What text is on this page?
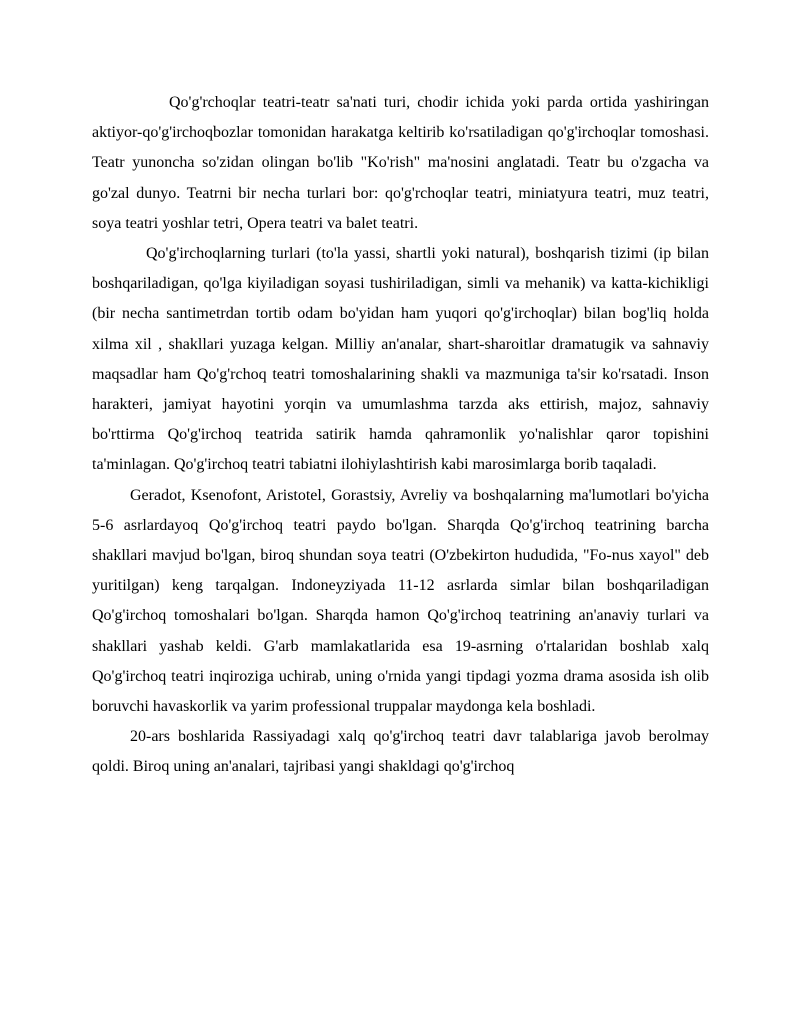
Qo'g'rchoqlar teatri-teatr sa'nati turi, chodir ichida yoki parda ortida yashiringan aktiyor-qo'g'irchoqbozlar tomonidan harakatga keltirib ko'rsatiladigan qo'g'irchoqlar tomoshasi. Teatr yunoncha so'zidan olingan bo'lib "Ko'rish" ma'nosini anglatadi. Teatr bu o'zgacha va go'zal dunyo. Teatrni bir necha turlari bor: qo'g'rchoqlar teatri, miniatyura teatri, muz teatri, soya teatri yoshlar tetri, Opera teatri va balet teatri.

Qo'g'irchoqlarning turlari (to'la yassi, shartli yoki natural), boshqarish tizimi (ip bilan boshqariladigan, qo'lga kiyiladigan soyasi tushiriladigan, simli va mehanik) va katta-kichikligi (bir necha santimetrdan tortib odam bo'yidan ham yuqori qo'g'irchoqlar) bilan bog'liq holda xilma xil , shakllari yuzaga kelgan. Milliy an'analar, shart-sharoitlar dramatugik va sahnaviy maqsadlar ham Qo'g'rchoq teatri tomoshalarining shakli va mazmuniga ta'sir ko'rsatadi. Inson harakteri, jamiyat hayotini yorqin va umumlashma tarzda aks ettirish, majoz, sahnaviy bo'rttirma Qo'g'irchoq teatrida satirik hamda qahramonlik yo'nalishlar qaror topishini ta'minlagan. Qo'g'irchoq teatri tabiatni ilohiylashtirish kabi marosimlarga borib taqaladi.

Geradot, Ksenofont, Aristotel, Gorastsiy, Avreliy va boshqalarning ma'lumotlari bo'yicha 5-6 asrlardayoq Qo'g'irchoq teatri paydo bo'lgan. Sharqda Qo'g'irchoq teatrining barcha shakllari mavjud bo'lgan, biroq shundan soya teatri (O'zbekirton hududida, "Fo-nus xayol" deb yuritilgan) keng tarqalgan. Indoneyziyada 11-12 asrlarda simlar bilan boshqariladigan Qo'g'irchoq tomoshalari bo'lgan. Sharqda hamon Qo'g'irchoq teatrining an'anaviy turlari va shakllari yashab keldi. G'arb mamlakatlarida esa 19-asrning o'rtalaridan boshlab xalq Qo'g'irchoq teatri inqiroziga uchirab, uning o'rnida yangi tipdagi yozma drama asosida ish olib boruvchi havaskorlik va yarim professional truppalar maydonga kela boshladi.

20-ars boshlarida Rassiyadagi xalq qo'g'irchoq teatri davr talablariga javob berolmay qoldi. Biroq uning an'analari, tajribasi yangi shakldagi qo'g'irchoq
